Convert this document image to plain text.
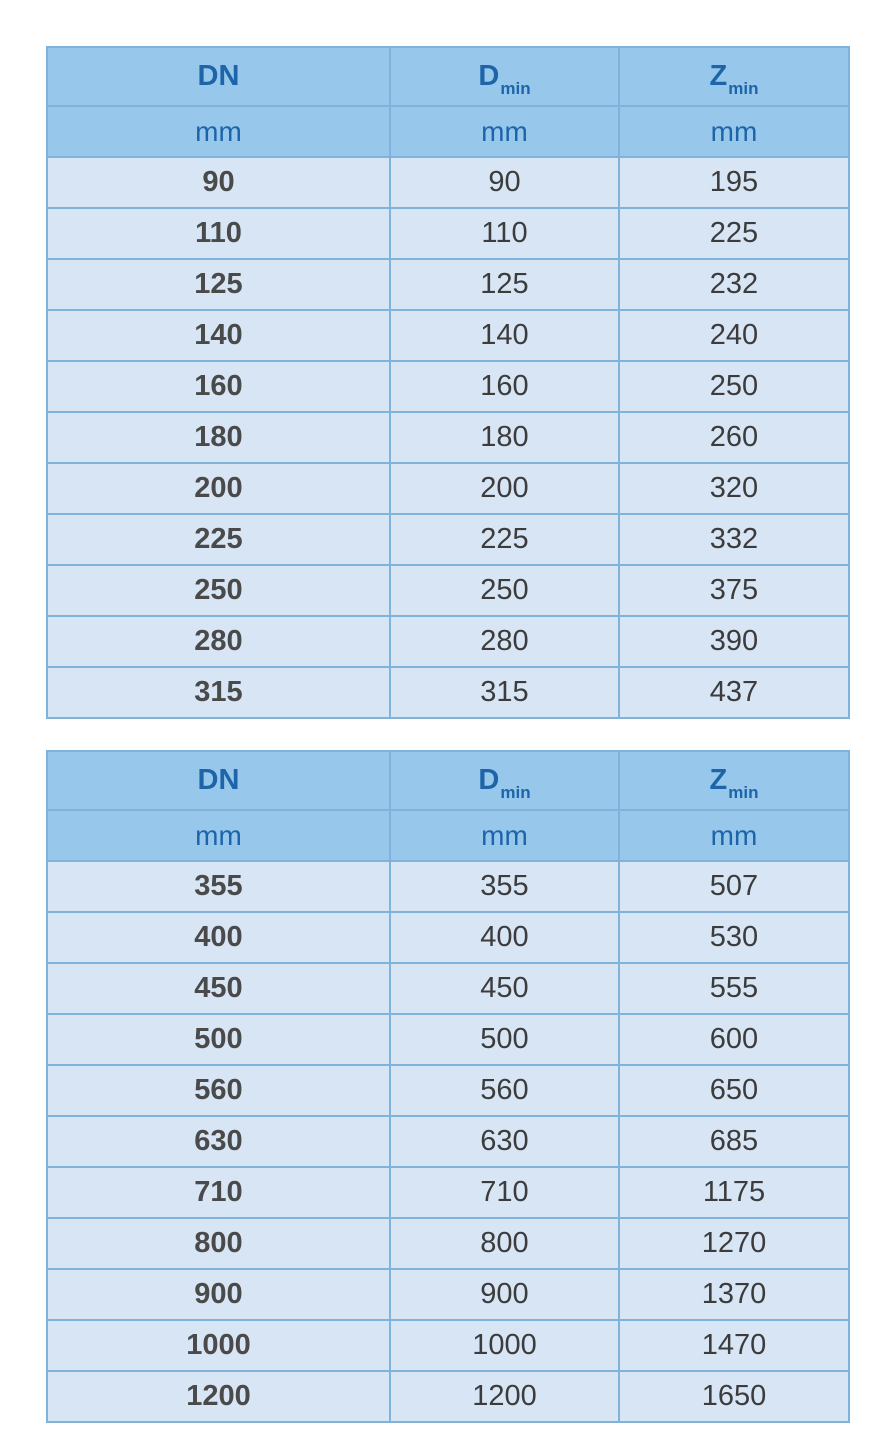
DN	$D_{min}$	$Z_{min}$
mm	mm	mm
90	90	195
110	110	225
125	125	232
140	140	240
160	160	250
180	180	260
200	200	320
225	225	332
250	250	375
280	280	390
315	315	437
DN	$D_{min}$	$Z_{min}$
mm	mm	mm
355	355	507
400	400	530
450	450	555
500	500	600
560	560	650
630	630	685
710	710	1175
800	800	1270
900	900	1370
1000	1000	1470
1200	1200	1650
